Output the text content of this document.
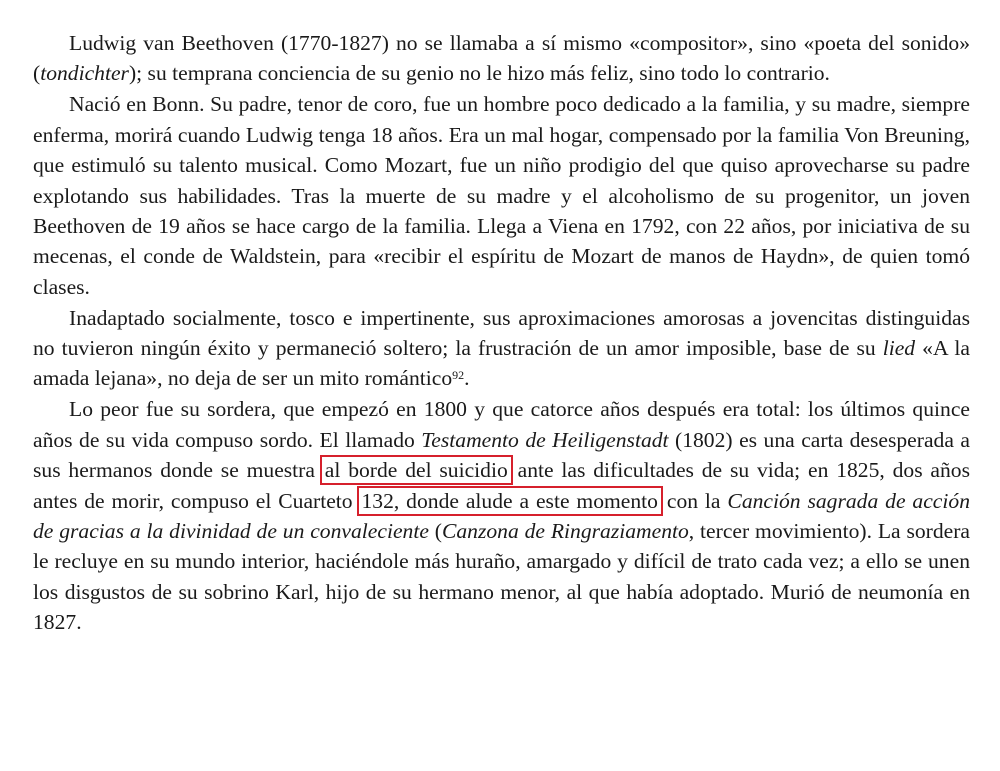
Ludwig van Beethoven (1770-1827) no se llamaba a sí mismo «compositor», sino «poeta del sonido» (tondichter); su temprana conciencia de su genio no le hizo más feliz, sino todo lo contrario.

Nació en Bonn. Su padre, tenor de coro, fue un hombre poco dedicado a la familia, y su madre, siempre enferma, morirá cuando Ludwig tenga 18 años. Era un mal hogar, compensado por la familia Von Breuning, que estimuló su talento musical. Como Mozart, fue un niño prodigio del que quiso aprovecharse su padre explotando sus habilidades. Tras la muerte de su madre y el alcoholismo de su progenitor, un joven Beethoven de 19 años se hace cargo de la familia. Llega a Viena en 1792, con 22 años, por iniciativa de su mecenas, el conde de Waldstein, para «recibir el espíritu de Mozart de manos de Haydn», de quien tomó clases.

Inadaptado socialmente, tosco e impertinente, sus aproximaciones amorosas a jovencitas distinguidas no tuvieron ningún éxito y permaneció soltero; la frustración de un amor imposible, base de su lied «A la amada lejana», no deja de ser un mito romántico$^{92}$.

Lo peor fue su sordera, que empezó en 1800 y que catorce años después era total: los últimos quince años de su vida compuso sordo. El llamado Testamento de Heiligenstadt (1802) es una carta desesperada a sus hermanos donde se muestra al borde del suicidio ante las dificultades de su vida; en 1825, dos años antes de morir, compuso el Cuarteto 132, donde alude a este momento con la Canción sagrada de acción de gracias a la divinidad de un convaleciente (Canzona de Ringraziamento, tercer movimiento). La sordera le recluye en su mundo interior, haciéndole más huraño, amargado y difícil de trato cada vez; a ello se unen los disgustos de su sobrino Karl, hijo de su hermano menor, al que había adoptado. Murió de neumonía en 1827.
